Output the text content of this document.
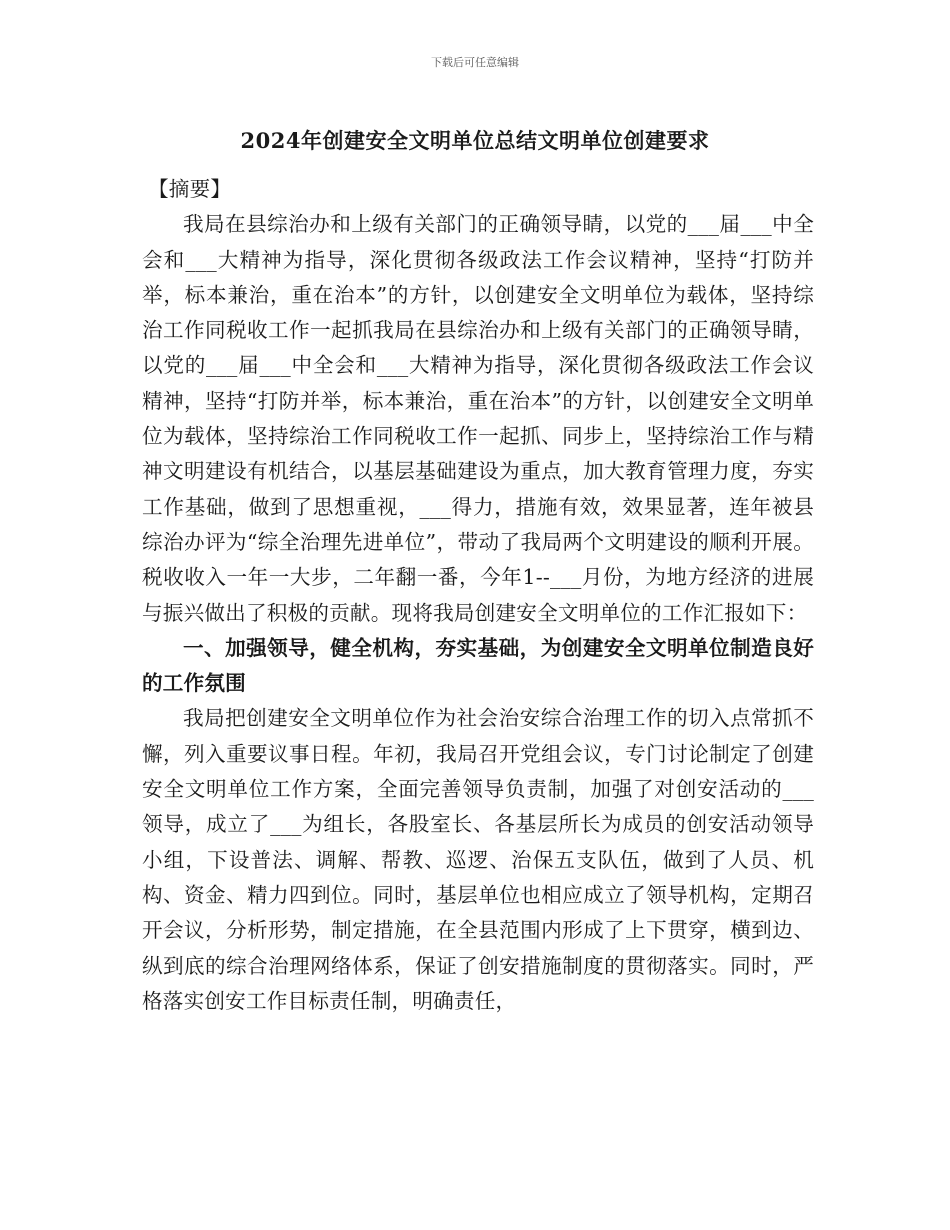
下载后可任意编辑
2024年创建安全文明单位总结文明单位创建要求

【摘要】

我局在县综治办和上级有关部门的正确领导睛，以党的___届___中全会和___大精神为指导，深化贯彻各级政法工作会议精神，坚持“打防并举，标本兼治，重在治本”的方针，以创建安全文明单位为载体，坚持综治工作同税收工作一起抓我局在县综治办和上级有关部门的正确领导睛，以党的___届___中全会和___大精神为指导，深化贯彻各级政法工作会议精神，坚持“打防并举，标本兼治，重在治本”的方针，以创建安全文明单位为载体，坚持综治工作同税收工作一起抓、同步上，坚持综治工作与精神文明建设有机结合，以基层基础建设为重点，加大教育管理力度，夯实工作基础，做到了思想重视，___得力，措施有效，效果显著，连年被县综治办评为“综全治理先进单位”，带动了我局两个文明建设的顺利开展。税收收入一年一大步，二年翻一番，今年1--___月份，为地方经济的进展与振兴做出了积极的贡献。现将我局创建安全文明单位的工作汇报如下：

一、加强领导，健全机构，夯实基础，为创建安全文明单位制造良好的工作氛围

我局把创建安全文明单位作为社会治安综合治理工作的切入点常抓不懈，列入重要议事日程。年初，我局召开党组会议，专门讨论制定了创建安全文明单位工作方案，全面完善领导负责制，加强了对创安活动的___领导，成立了___为组长，各股室长、各基层所长为成员的创安活动领导小组，下设普法、调解、帮教、巡逻、治保五支队伍，做到了人员、机构、资金、精力四到位。同时，基层单位也相应成立了领导机构，定期召开会议，分析形势，制定措施，在全县范围内形成了上下贯穿，横到边、纵到底的综合治理网络体系，保证了创安措施制度的贯彻落实。同时，严格落实创安工作目标责任制，明确责任，
